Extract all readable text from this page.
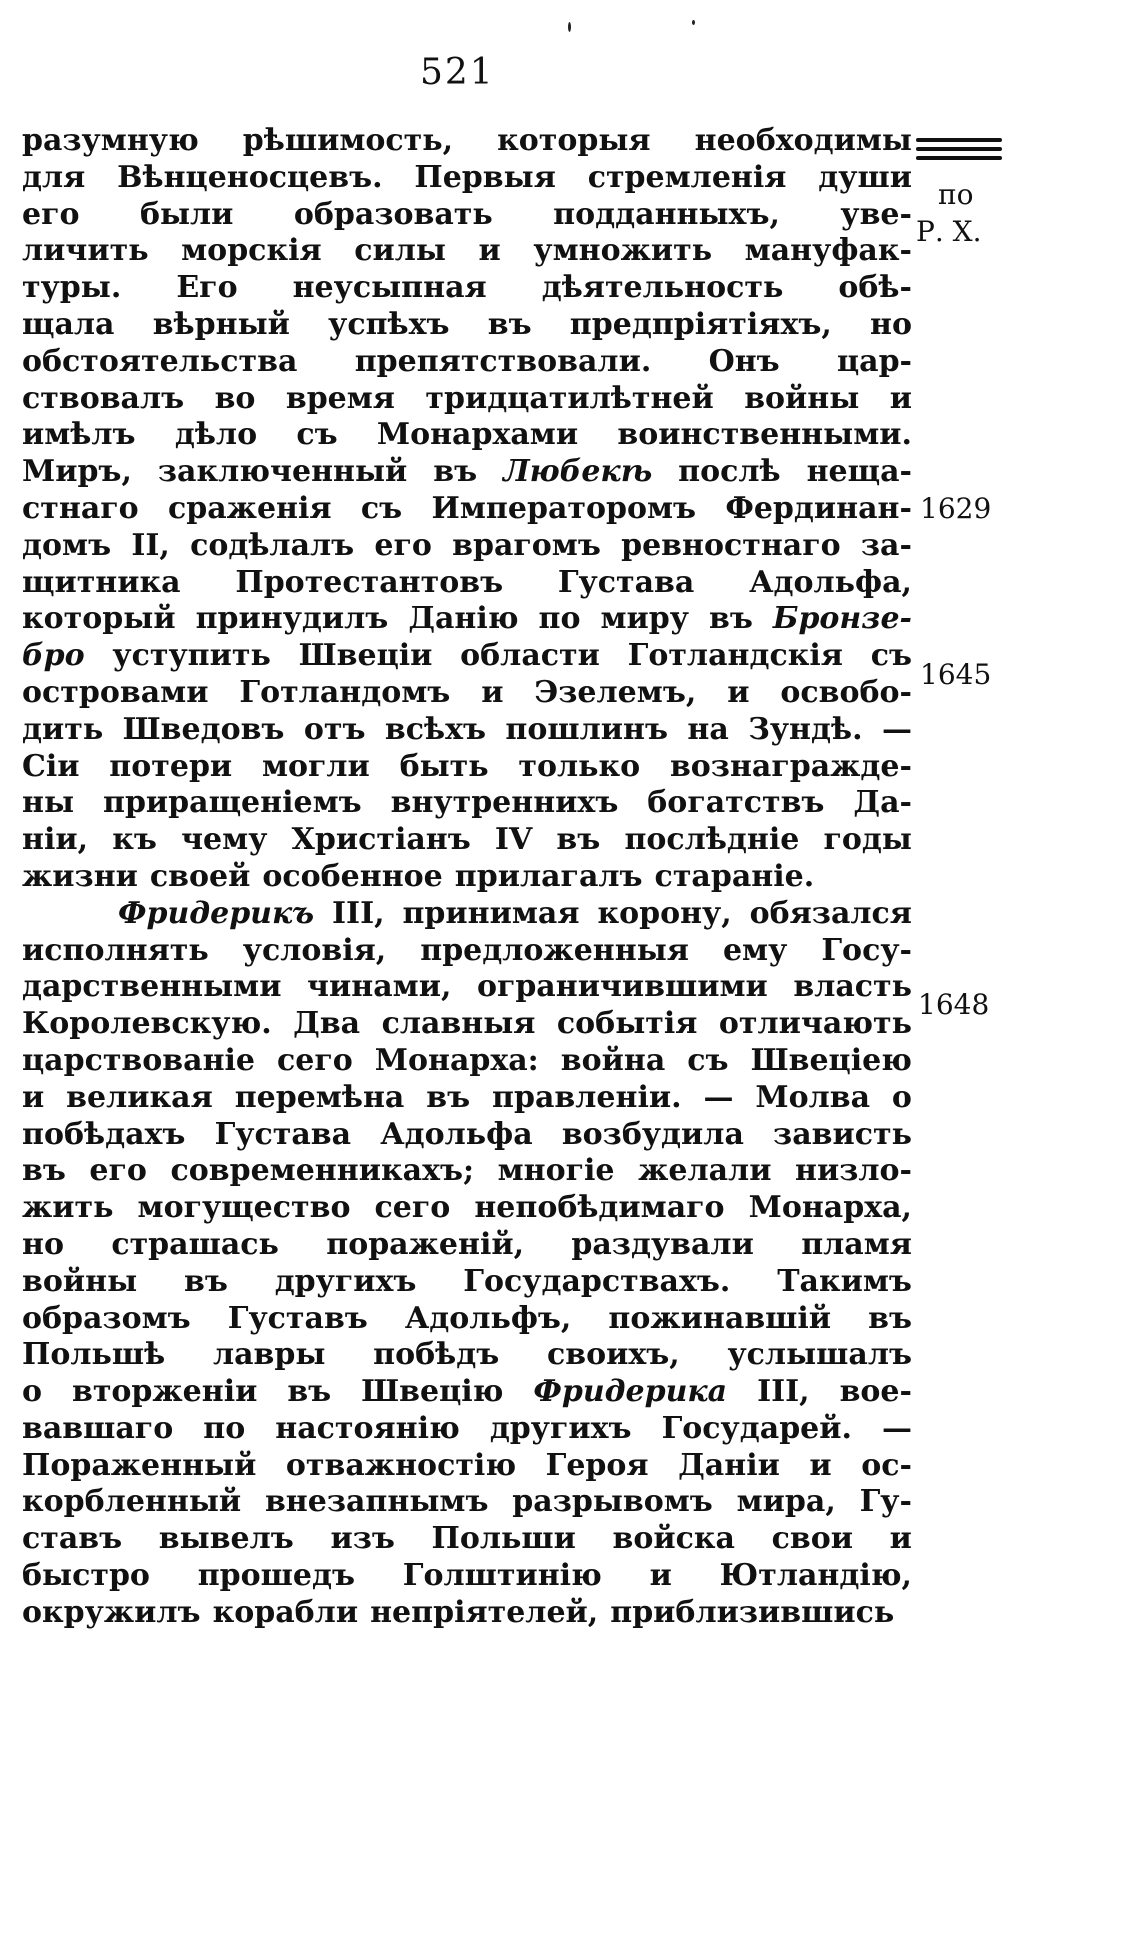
521
по
Р. Х.
1629
1645
1648
разумную рѣшимость, которыя необходимы
для Вѣнценосцевъ. Первыя стремленія души
его были образовать подданныхъ, уве-
личить морскія силы и умножить мануфак-
туры. Его неусыпная дѣятельность обѣ-
щала вѣрный успѣхъ въ предпріятіяхъ, но
обстоятельства препятствовали. Онъ цар-
ствовалъ во время тридцатилѣтней войны и
имѣлъ дѣло съ Монархами воинственными.
Миръ, заключенный въ Любекѣ послѣ неща-
стнаго сраженія съ Императоромъ Фердинан-
домъ II, содѣлалъ его врагомъ ревностнаго за-
щитника Протестантовъ Густава Адольфа,
который принудилъ Данію по миру въ Бронзе-
бро уступить Швеціи области Готландскія съ
островами Готландомъ и Эзелемъ, и освобо-
дить Шведовъ отъ всѣхъ пошлинъ на Зундѣ. —
Сіи потери могли быть только вознагражде-
ны приращеніемъ внутреннихъ богатствъ Да-
ніи, къ чему Христіанъ IV въ послѣдніе годы
жизни своей особенное прилагалъ стараніе.
Фридерикъ III, принимая корону, обязался
исполнять условія, предложенныя ему Госу-
дарственными чинами, ограничившими власть
Королевскую. Два славныя событія отличають
царствованіе сего Монарха: война съ Швеціею
и великая перемѣна въ правленіи. — Молва о
побѣдахъ Густава Адольфа возбудила зависть
въ его современникахъ; многіе желали низло-
жить могущество сего непобѣдимаго Монарха,
но страшась пораженій, раздували пламя
войны въ другихъ Государствахъ. Такимъ
образомъ Густавъ Адольфъ, пожинавшій въ
Польшѣ лавры побѣдъ своихъ, услышалъ
о вторженіи въ Швецію Фридерика III, вое-
вавшаго по настоянію другихъ Государей. —
Пораженный отважностію Героя Даніи и ос-
корбленный внезапнымъ разрывомъ мира, Гу-
ставъ вывелъ изъ Польши войска свои и
быстро прошедъ Голштинію и Ютландію,
окружилъ корабли непріятелей, приблизившись
